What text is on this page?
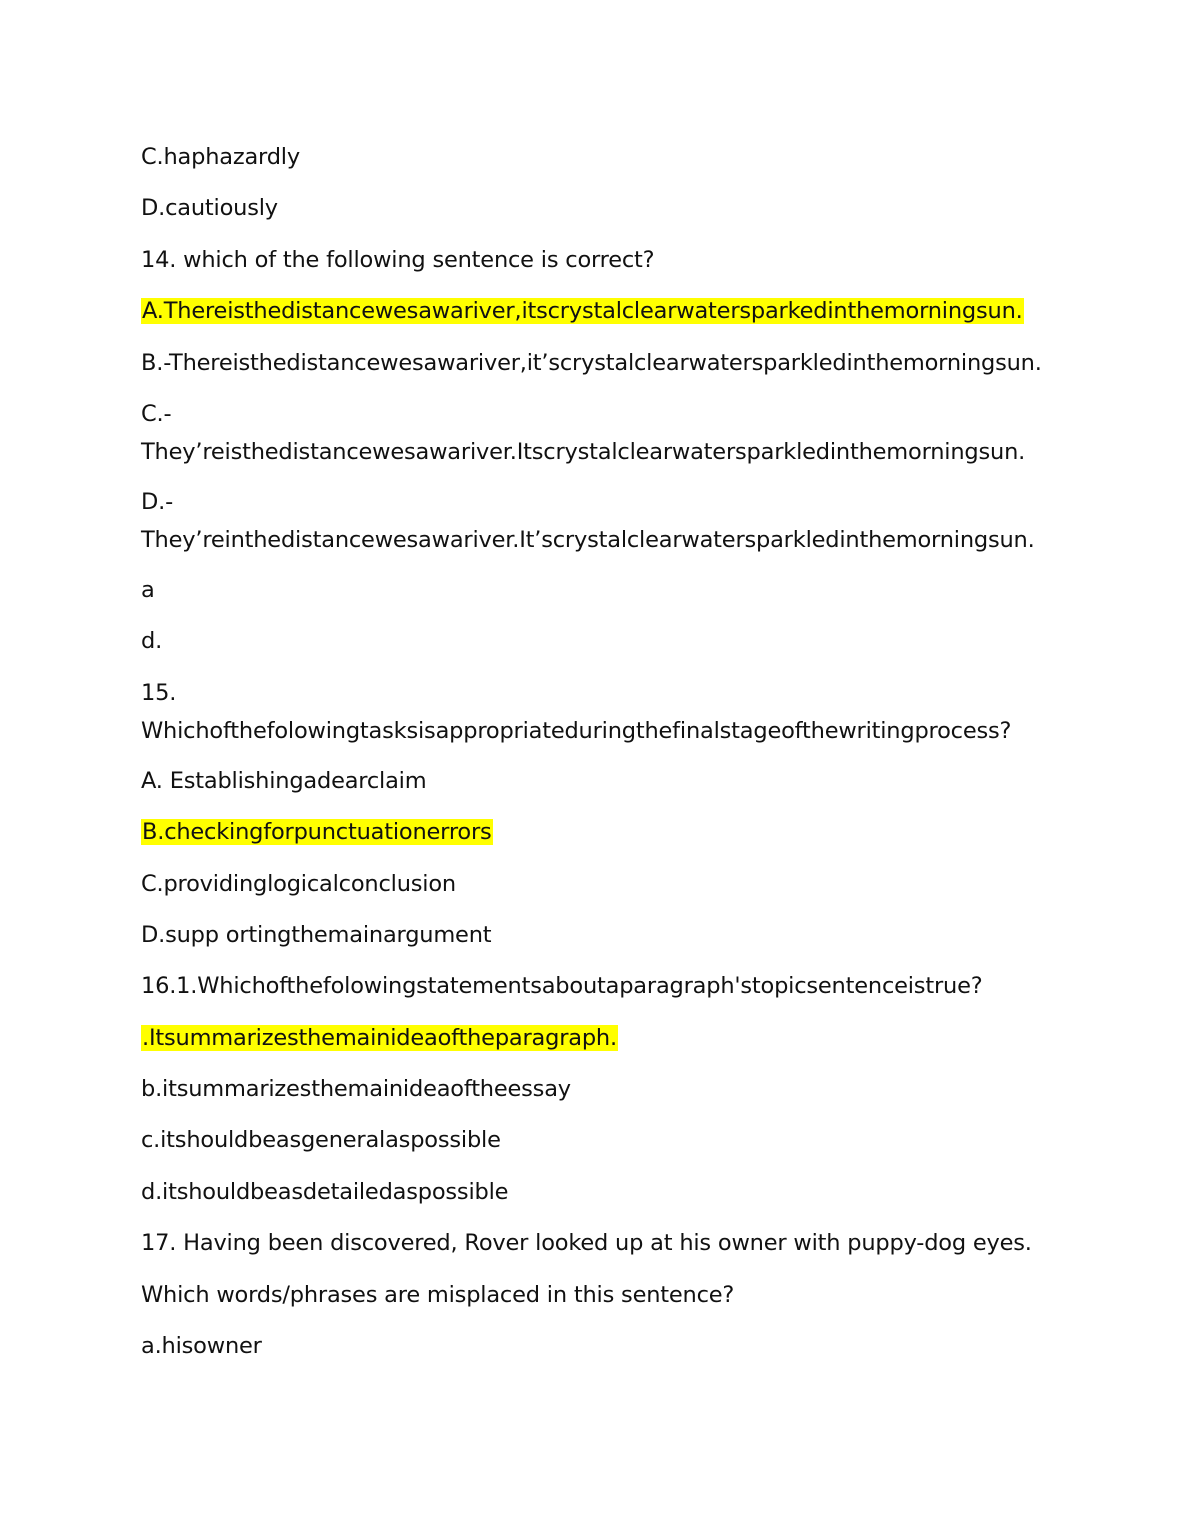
C.haphazardly
D.cautiously
14. which of the following sentence is correct?
A.Thereisthedistancewesawariver,itscrystalclearwatersparkedinthemorningsun.
B.-Thereisthedistancewesawariver,it’scrystalclearwatersparkledinthemorningsun.
C.-
They’reisthedistancewesawariver.Itscrystalclearwatersparkledinthemorningsun.
D.-
They’reinthedistancewesawariver.It’scrystalclearwatersparkledinthemorningsun.
a
d.
15.
Whichofthefolowingtasksisappropriateduringthefinalstageofthewritingprocess?
A. Establishingadearclaim
B.checkingforpunctuationerrors
C.providinglogicalconclusion
D.supp ortingthemainargument
16.1.Whichofthefolowingstatementsaboutaparagraph'stopicsentenceistrue?
.Itsummarizesthemainideaoftheparagraph.
b.itsummarizesthemainideaoftheessay
c.itshouldbeasgeneralaspossible
d.itshouldbeasdetailedaspossible
17. Having been discovered, Rover looked up at his owner with puppy-dog eyes.
Which words/phrases are misplaced in this sentence?
a.hisowner
